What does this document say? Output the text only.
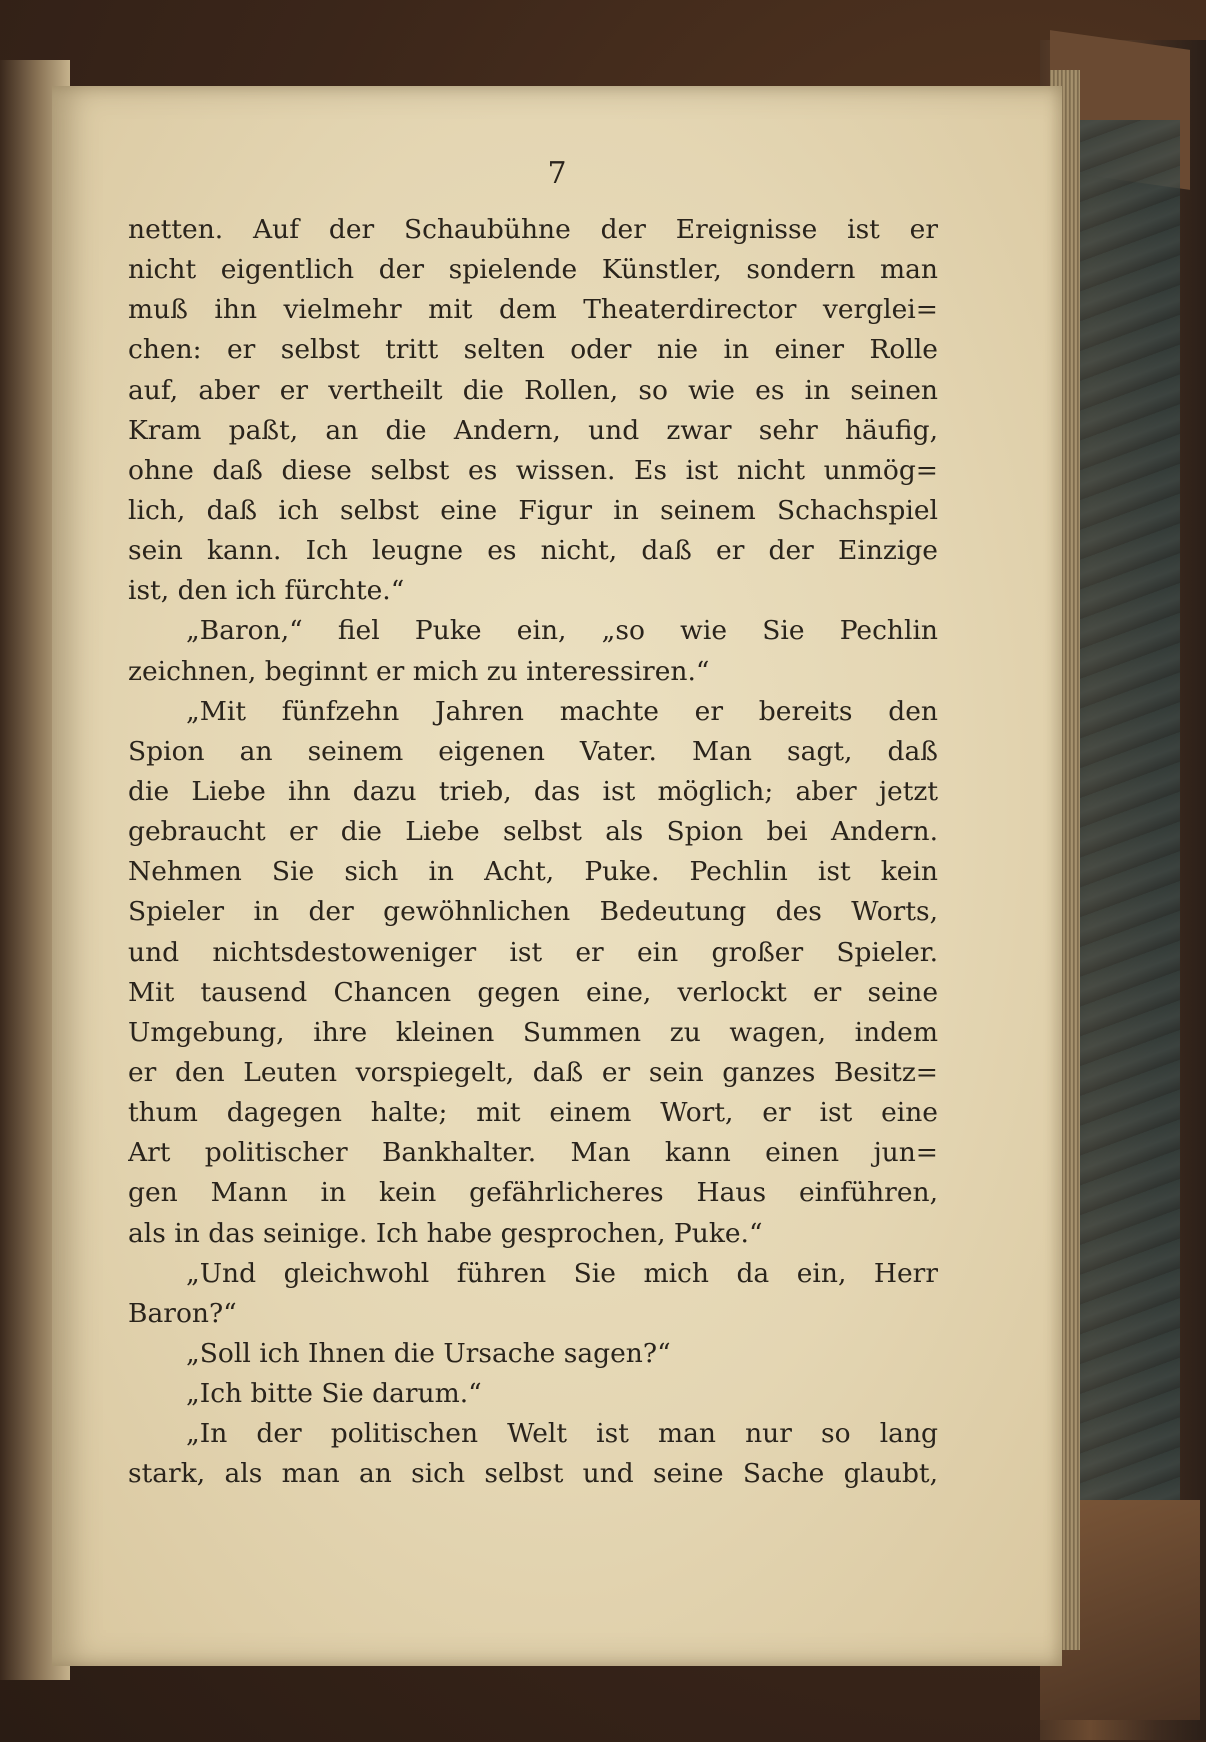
7
netten. Auf der Schaubühne der Ereignisse ist er
nicht eigentlich der spielende Künstler, sondern man
muß ihn vielmehr mit dem Theaterdirector verglei=
chen: er selbst tritt selten oder nie in einer Rolle
auf, aber er vertheilt die Rollen, so wie es in seinen
Kram paßt, an die Andern, und zwar sehr häufig,
ohne daß diese selbst es wissen. Es ist nicht unmög=
lich, daß ich selbst eine Figur in seinem Schachspiel
sein kann. Ich leugne es nicht, daß er der Einzige
ist, den ich fürchte.“
„Baron,“ fiel Puke ein, „so wie Sie Pechlin
zeichnen, beginnt er mich zu interessiren.“
„Mit fünfzehn Jahren machte er bereits den
Spion an seinem eigenen Vater. Man sagt, daß
die Liebe ihn dazu trieb, das ist möglich; aber jetzt
gebraucht er die Liebe selbst als Spion bei Andern.
Nehmen Sie sich in Acht, Puke. Pechlin ist kein
Spieler in der gewöhnlichen Bedeutung des Worts,
und nichtsdestoweniger ist er ein großer Spieler.
Mit tausend Chancen gegen eine, verlockt er seine
Umgebung, ihre kleinen Summen zu wagen, indem
er den Leuten vorspiegelt, daß er sein ganzes Besitz=
thum dagegen halte; mit einem Wort, er ist eine
Art politischer Bankhalter. Man kann einen jun=
gen Mann in kein gefährlicheres Haus einführen,
als in das seinige. Ich habe gesprochen, Puke.“
„Und gleichwohl führen Sie mich da ein, Herr
Baron?“
„Soll ich Ihnen die Ursache sagen?“
„Ich bitte Sie darum.“
„In der politischen Welt ist man nur so lang
stark, als man an sich selbst und seine Sache glaubt,
